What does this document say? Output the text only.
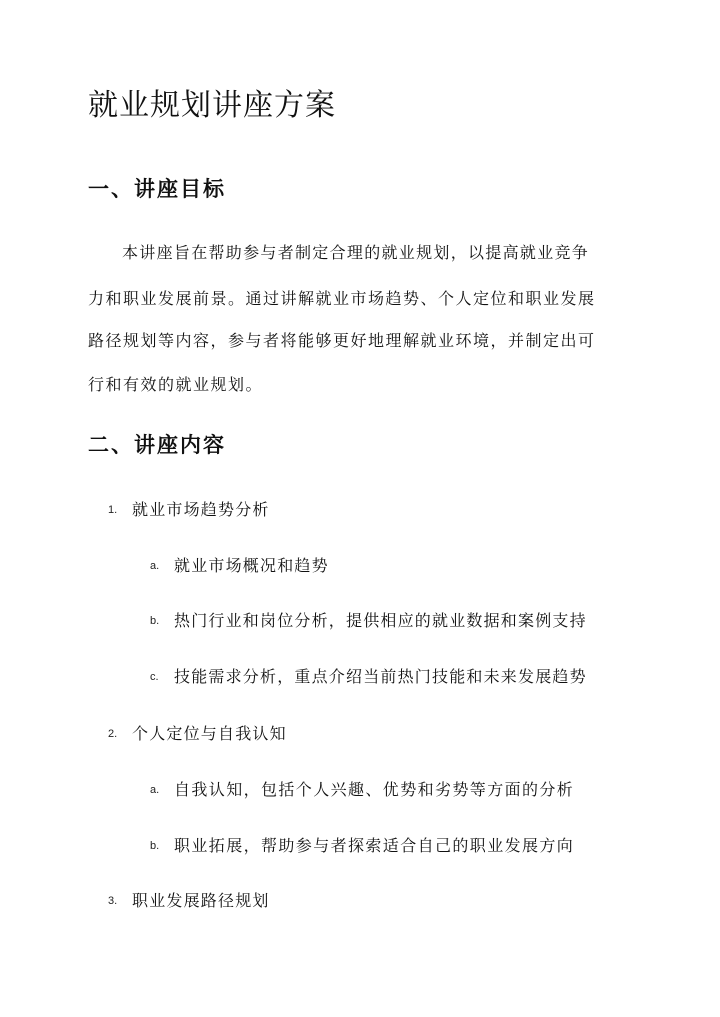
就业规划讲座方案
一、讲座目标

本讲座旨在帮助参与者制定合理的就业规划，以提高就业竞争

力和职业发展前景。通过讲解就业市场趋势、个人定位和职业发展

路径规划等内容，参与者将能够更好地理解就业环境，并制定出可

行和有效的就业规划。

二、讲座内容
1. 就业市场趋势分析
a. 就业市场概况和趋势
b. 热门行业和岗位分析，提供相应的就业数据和案例支持
c. 技能需求分析，重点介绍当前热门技能和未来发展趋势
2. 个人定位与自我认知
a. 自我认知，包括个人兴趣、优势和劣势等方面的分析
b. 职业拓展，帮助参与者探索适合自己的职业发展方向
3. 职业发展路径规划
